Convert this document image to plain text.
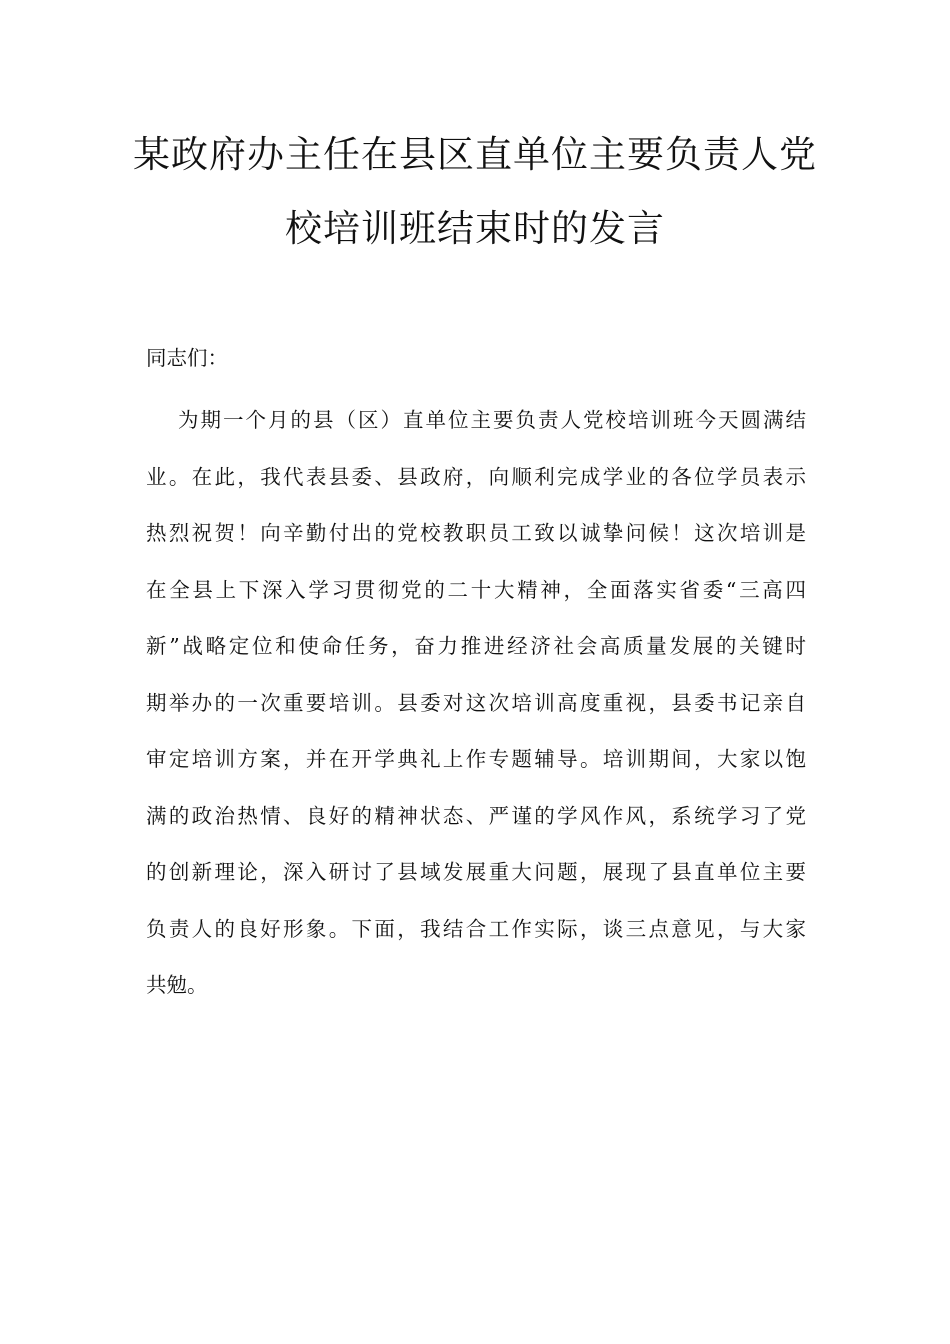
某政府办主任在县区直单位主要负责人党
校培训班结束时的发言

同志们：

为期一个月的县（区）直单位主要负责人党校培训班今天圆满结
业。在此，我代表县委、县政府，向顺利完成学业的各位学员表示
热烈祝贺！向辛勤付出的党校教职员工致以诚挚问候！这次培训是
在全县上下深入学习贯彻党的二十大精神，全面落实省委“三高四
新”战略定位和使命任务，奋力推进经济社会高质量发展的关键时
期举办的一次重要培训。县委对这次培训高度重视，县委书记亲自
审定培训方案，并在开学典礼上作专题辅导。培训期间，大家以饱
满的政治热情、良好的精神状态、严谨的学风作风，系统学习了党
的创新理论，深入研讨了县域发展重大问题，展现了县直单位主要
负责人的良好形象。下面，我结合工作实际，谈三点意见，与大家
共勉。
